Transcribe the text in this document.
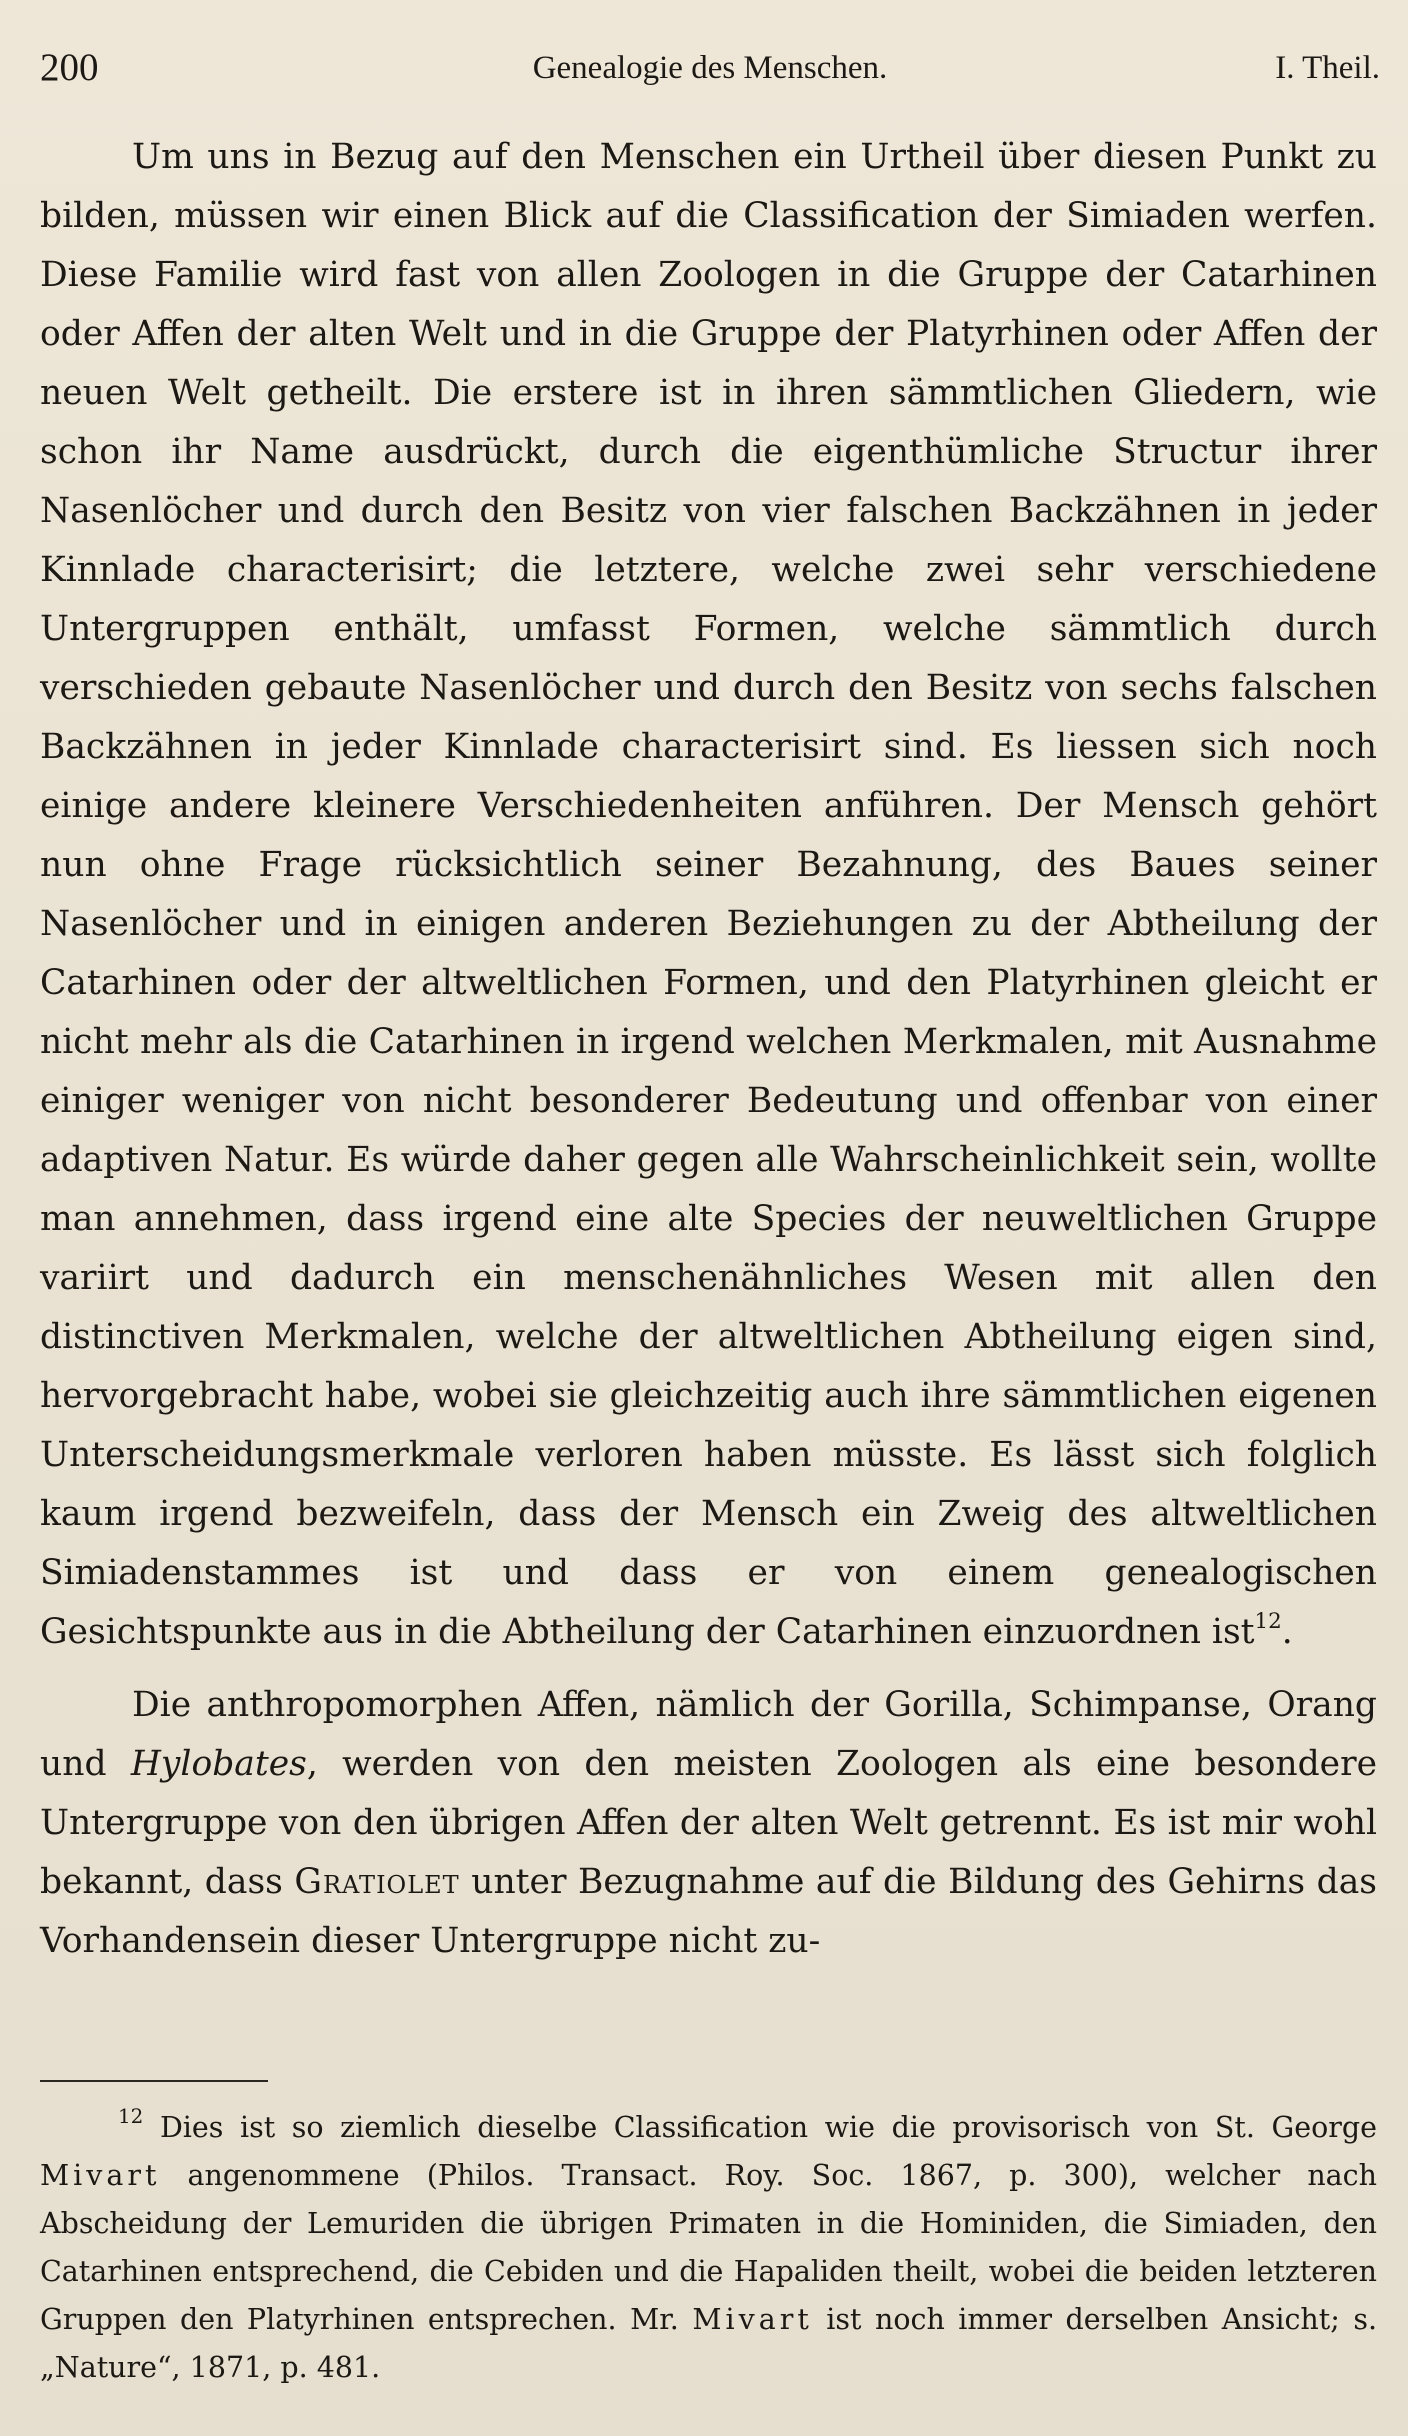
200	Genealogie des Menschen.	I. Theil.

Um uns in Bezug auf den Menschen ein Urtheil über diesen Punkt zu bilden, müssen wir einen Blick auf die Classification der Simiaden werfen. Diese Familie wird fast von allen Zoologen in die Gruppe der Catarhinen oder Affen der alten Welt und in die Gruppe der Platyrhinen oder Affen der neuen Welt getheilt. Die erstere ist in ihren sämmtlichen Gliedern, wie schon ihr Name ausdrückt, durch die eigenthümliche Structur ihrer Nasenlöcher und durch den Besitz von vier falschen Backzähnen in jeder Kinnlade characterisirt; die letztere, welche zwei sehr verschiedene Untergruppen enthält, umfasst Formen, welche sämmtlich durch verschieden gebaute Nasenlöcher und durch den Besitz von sechs falschen Backzähnen in jeder Kinnlade characterisirt sind. Es liessen sich noch einige andere kleinere Verschiedenheiten anführen. Der Mensch gehört nun ohne Frage rücksichtlich seiner Bezahnung, des Baues seiner Nasenlöcher und in einigen anderen Beziehungen zu der Abtheilung der Catarhinen oder der altweltlichen Formen, und den Platyrhinen gleicht er nicht mehr als die Catarhinen in irgend welchen Merkmalen, mit Ausnahme einiger weniger von nicht besonderer Bedeutung und offenbar von einer adaptiven Natur. Es würde daher gegen alle Wahrscheinlichkeit sein, wollte man annehmen, dass irgend eine alte Species der neuweltlichen Gruppe variirt und dadurch ein menschenähnliches Wesen mit allen den distinctiven Merkmalen, welche der altweltlichen Abtheilung eigen sind, hervorgebracht habe, wobei sie gleichzeitig auch ihre sämmtlichen eigenen Unterscheidungsmerkmale verloren haben müsste. Es lässt sich folglich kaum irgend bezweifeln, dass der Mensch ein Zweig des altweltlichen Simiadenstammes ist und dass er von einem genealogischen Gesichtspunkte aus in die Abtheilung der Catarhinen einzuordnen ist$^{12}$.

Die anthropomorphen Affen, nämlich der Gorilla, Schimpanse, Orang und Hylobates, werden von den meisten Zoologen als eine besondere Untergruppe von den übrigen Affen der alten Welt getrennt. Es ist mir wohl bekannt, dass Gratiolet unter Bezugnahme auf die Bildung des Gehirns das Vorhandensein dieser Untergruppe nicht zu-

$^{12}$ Dies ist so ziemlich dieselbe Classification wie die provisorisch von St. George Mivart angenommene (Philos. Transact. Roy. Soc. 1867, p. 300), welcher nach Abscheidung der Lemuriden die übrigen Primaten in die Hominiden, die Simiaden, den Catarhinen entsprechend, die Cebiden und die Hapaliden theilt, wobei die beiden letzteren Gruppen den Platyrhinen entsprechen. Mr. Mivart ist noch immer derselben Ansicht; s. „Nature“, 1871, p. 481.
